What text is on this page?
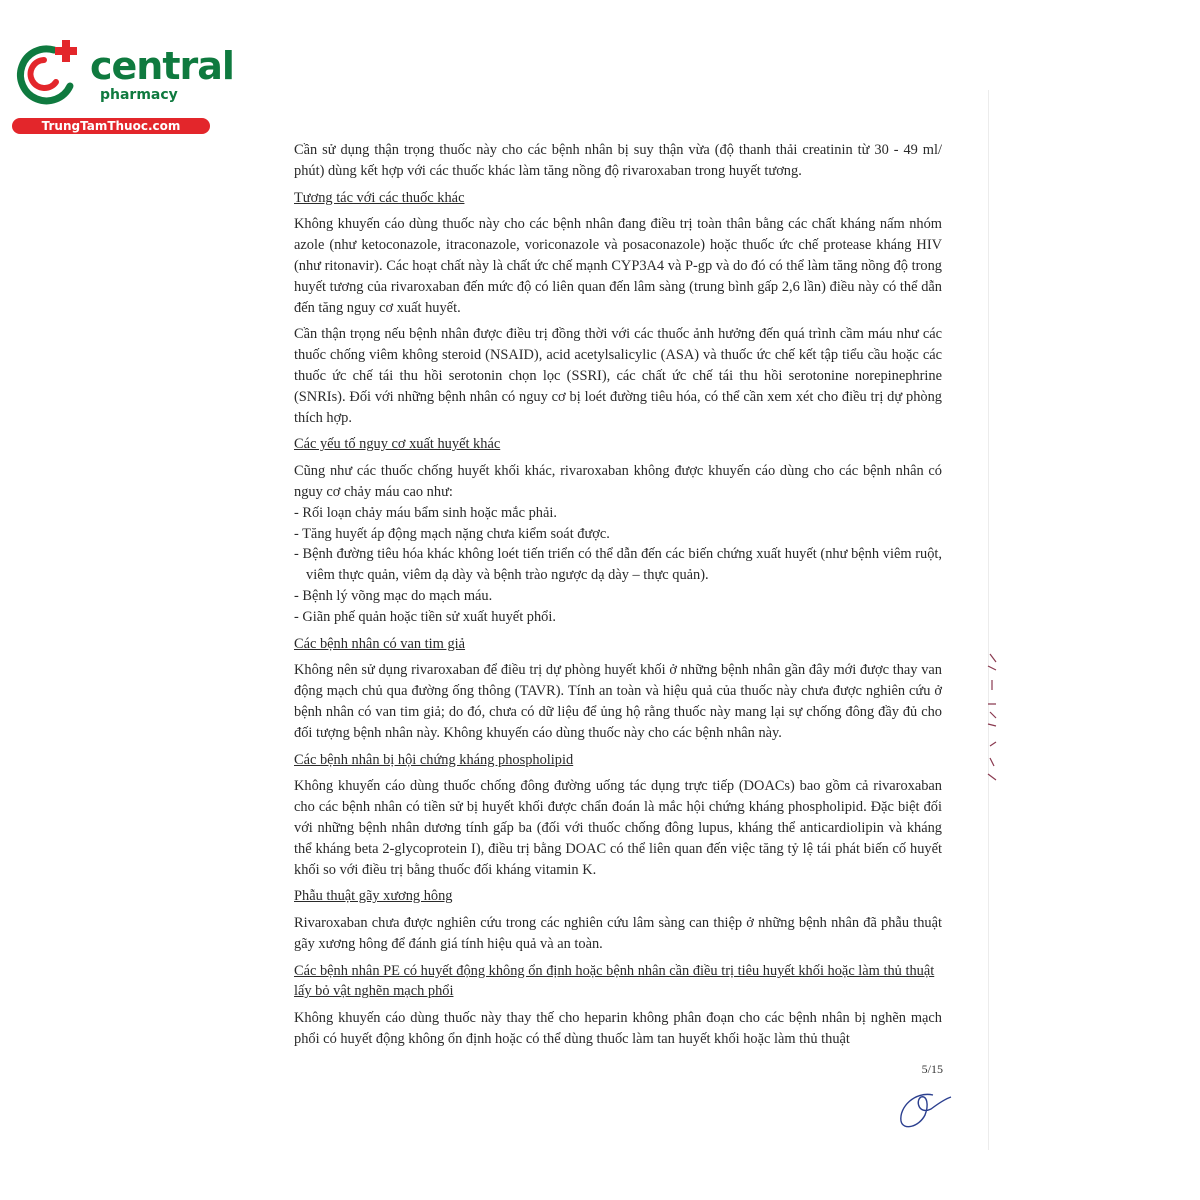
central
pharmacy
TrungTamThuoc.com

Cần sử dụng thận trọng thuốc này cho các bệnh nhân bị suy thận vừa (độ thanh thải creatinin từ 30 - 49 ml/ phút) dùng kết hợp với các thuốc khác làm tăng nồng độ rivaroxaban trong huyết tương.

Tương tác với các thuốc khác

Không khuyến cáo dùng thuốc này cho các bệnh nhân đang điều trị toàn thân bằng các chất kháng nấm nhóm azole (như ketoconazole, itraconazole, voriconazole và posaconazole) hoặc thuốc ức chế protease kháng HIV (như ritonavir). Các hoạt chất này là chất ức chế mạnh CYP3A4 và P-gp và do đó có thể làm tăng nồng độ trong huyết tương của rivaroxaban đến mức độ có liên quan đến lâm sàng (trung bình gấp 2,6 lần) điều này có thể dẫn đến tăng nguy cơ xuất huyết.

Cần thận trọng nếu bệnh nhân được điều trị đồng thời với các thuốc ảnh hưởng đến quá trình cầm máu như các thuốc chống viêm không steroid (NSAID), acid acetylsalicylic (ASA) và thuốc ức chế kết tập tiểu cầu hoặc các thuốc ức chế tái thu hồi serotonin chọn lọc (SSRI), các chất ức chế tái thu hồi serotonine norepinephrine (SNRIs). Đối với những bệnh nhân có nguy cơ bị loét đường tiêu hóa, có thể cần xem xét cho điều trị dự phòng thích hợp.

Các yếu tố nguy cơ xuất huyết khác

Cũng như các thuốc chống huyết khối khác, rivaroxaban không được khuyến cáo dùng cho các bệnh nhân có nguy cơ chảy máu cao như:

- Rối loạn chảy máu bẩm sinh hoặc mắc phải.
- Tăng huyết áp động mạch nặng chưa kiểm soát được.
- Bệnh đường tiêu hóa khác không loét tiến triển có thể dẫn đến các biến chứng xuất huyết (như bệnh viêm ruột, viêm thực quản, viêm dạ dày và bệnh trào ngược dạ dày – thực quản).
- Bệnh lý võng mạc do mạch máu.
- Giãn phế quản hoặc tiền sử xuất huyết phổi.
Các bệnh nhân có van tim giả

Không nên sử dụng rivaroxaban để điều trị dự phòng huyết khối ở những bệnh nhân gần đây mới được thay van động mạch chủ qua đường ống thông (TAVR). Tính an toàn và hiệu quả của thuốc này chưa được nghiên cứu ở bệnh nhân có van tim giả; do đó, chưa có dữ liệu để ủng hộ rằng thuốc này mang lại sự chống đông đầy đủ cho đối tượng bệnh nhân này. Không khuyến cáo dùng thuốc này cho các bệnh nhân này.

Các bệnh nhân bị hội chứng kháng phospholipid

Không khuyến cáo dùng thuốc chống đông đường uống tác dụng trực tiếp (DOACs) bao gồm cả rivaroxaban cho các bệnh nhân có tiền sử bị huyết khối được chẩn đoán là mắc hội chứng kháng phospholipid. Đặc biệt đối với những bệnh nhân dương tính gấp ba (đối với thuốc chống đông lupus, kháng thể anticardiolipin và kháng thể kháng beta 2-glycoprotein I), điều trị bằng DOAC có thể liên quan đến việc tăng tỷ lệ tái phát biến cố huyết khối so với điều trị bằng thuốc đối kháng vitamin K.

Phẫu thuật gãy xương hông

Rivaroxaban chưa được nghiên cứu trong các nghiên cứu lâm sàng can thiệp ở những bệnh nhân đã phẫu thuật gãy xương hông để đánh giá tính hiệu quả và an toàn.

Các bệnh nhân PE có huyết động không ổn định hoặc bệnh nhân cần điều trị tiêu huyết khối hoặc làm thủ thuật lấy bỏ vật nghẽn mạch phổi

Không khuyến cáo dùng thuốc này thay thế cho heparin không phân đoạn cho các bệnh nhân bị nghẽn mạch phổi có huyết động không ổn định hoặc có thể dùng thuốc làm tan huyết khối hoặc làm thủ thuật

5/15
